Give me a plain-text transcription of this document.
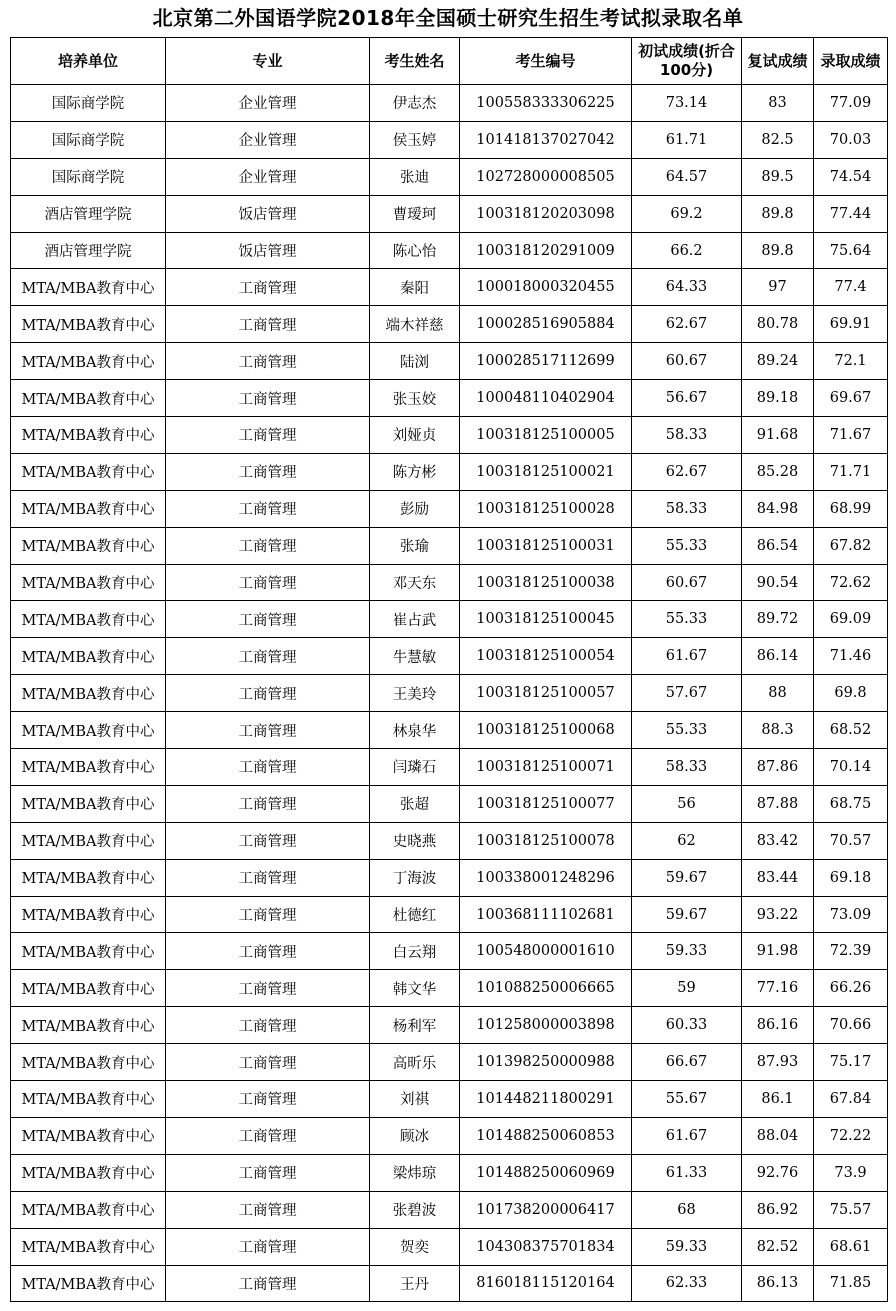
北京第二外国语学院2018年全国硕士研究生招生考试拟录取名单
培养单位	专业	考生姓名	考生编号	初试成绩(折合100分)	复试成绩	录取成绩
国际商学院	企业管理	伊志杰	100558333306225	73.14	83	77.09
国际商学院	企业管理	侯玉婷	101418137027042	61.71	82.5	70.03
国际商学院	企业管理	张迪	102728000008505	64.57	89.5	74.54
酒店管理学院	饭店管理	曹瑷珂	100318120203098	69.2	89.8	77.44
酒店管理学院	饭店管理	陈心怡	100318120291009	66.2	89.8	75.64
MTA/MBA教育中心	工商管理	秦阳	100018000320455	64.33	97	77.4
MTA/MBA教育中心	工商管理	端木祥慈	100028516905884	62.67	80.78	69.91
MTA/MBA教育中心	工商管理	陆浏	100028517112699	60.67	89.24	72.1
MTA/MBA教育中心	工商管理	张玉姣	100048110402904	56.67	89.18	69.67
MTA/MBA教育中心	工商管理	刘娅贞	100318125100005	58.33	91.68	71.67
MTA/MBA教育中心	工商管理	陈方彬	100318125100021	62.67	85.28	71.71
MTA/MBA教育中心	工商管理	彭励	100318125100028	58.33	84.98	68.99
MTA/MBA教育中心	工商管理	张瑜	100318125100031	55.33	86.54	67.82
MTA/MBA教育中心	工商管理	邓天东	100318125100038	60.67	90.54	72.62
MTA/MBA教育中心	工商管理	崔占武	100318125100045	55.33	89.72	69.09
MTA/MBA教育中心	工商管理	牛慧敏	100318125100054	61.67	86.14	71.46
MTA/MBA教育中心	工商管理	王美玲	100318125100057	57.67	88	69.8
MTA/MBA教育中心	工商管理	林泉华	100318125100068	55.33	88.3	68.52
MTA/MBA教育中心	工商管理	闫璘石	100318125100071	58.33	87.86	70.14
MTA/MBA教育中心	工商管理	张超	100318125100077	56	87.88	68.75
MTA/MBA教育中心	工商管理	史晓燕	100318125100078	62	83.42	70.57
MTA/MBA教育中心	工商管理	丁海波	100338001248296	59.67	83.44	69.18
MTA/MBA教育中心	工商管理	杜德红	100368111102681	59.67	93.22	73.09
MTA/MBA教育中心	工商管理	白云翔	100548000001610	59.33	91.98	72.39
MTA/MBA教育中心	工商管理	韩文华	101088250006665	59	77.16	66.26
MTA/MBA教育中心	工商管理	杨利军	101258000003898	60.33	86.16	70.66
MTA/MBA教育中心	工商管理	高昕乐	101398250000988	66.67	87.93	75.17
MTA/MBA教育中心	工商管理	刘祺	101448211800291	55.67	86.1	67.84
MTA/MBA教育中心	工商管理	顾冰	101488250060853	61.67	88.04	72.22
MTA/MBA教育中心	工商管理	梁炜琼	101488250060969	61.33	92.76	73.9
MTA/MBA教育中心	工商管理	张碧波	101738200006417	68	86.92	75.57
MTA/MBA教育中心	工商管理	贺奕	104308375701834	59.33	82.52	68.61
MTA/MBA教育中心	工商管理	王丹	816018115120164	62.33	86.13	71.85
